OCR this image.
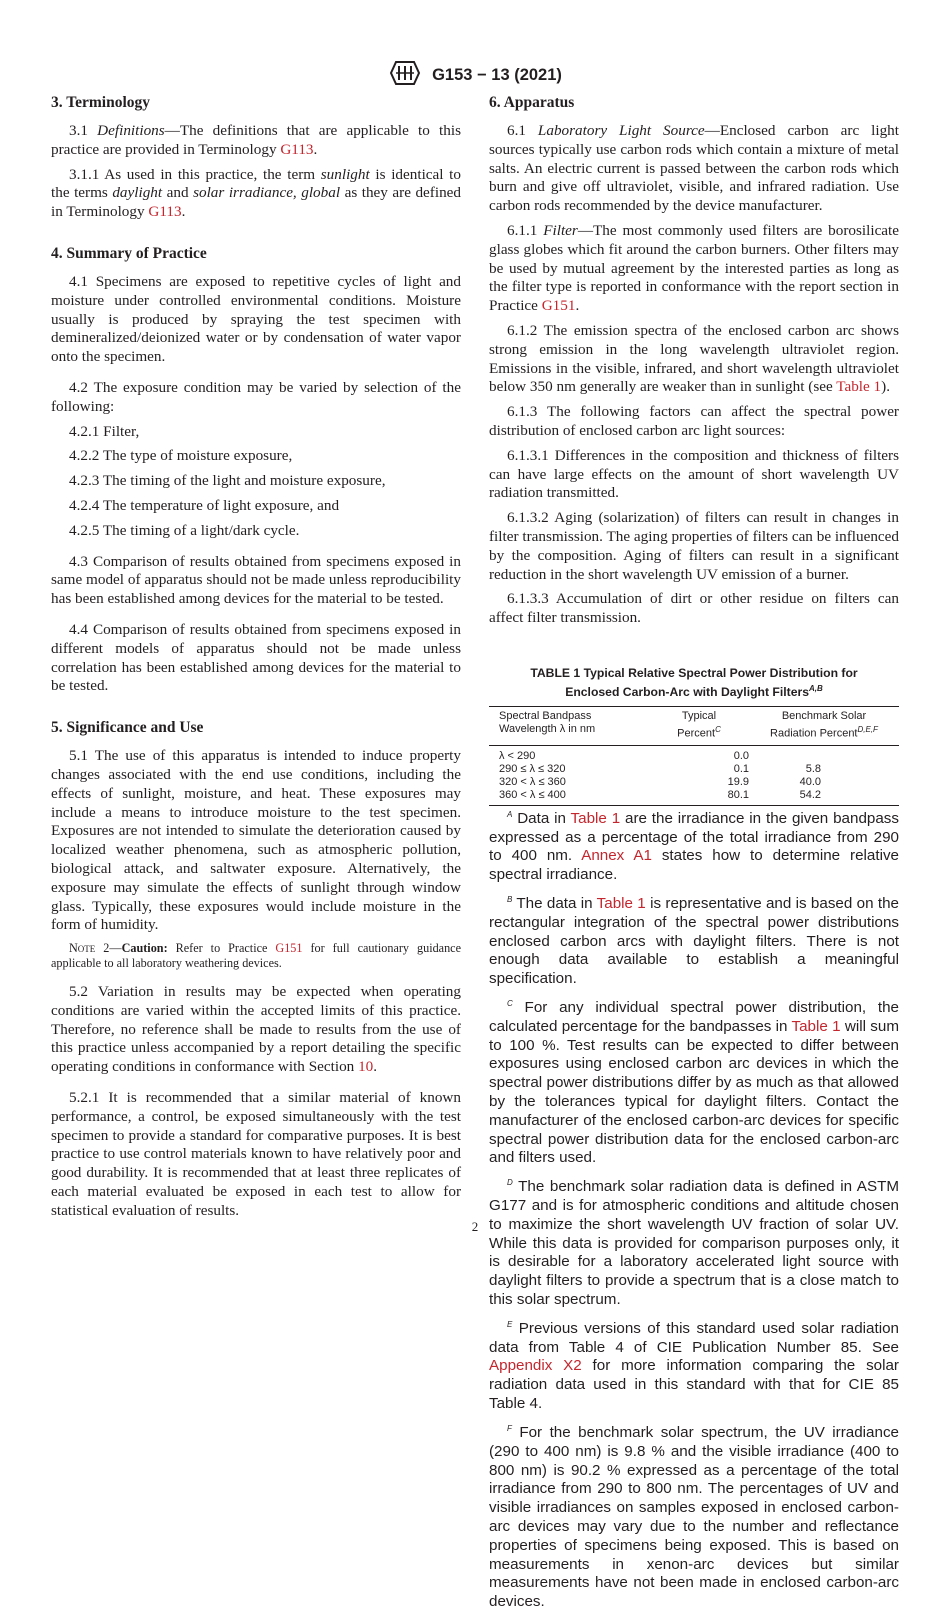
G153 − 13 (2021)
3. Terminology

3.1 Definitions—The definitions that are applicable to this practice are provided in Terminology G113.

3.1.1 As used in this practice, the term sunlight is identical to the terms daylight and solar irradiance, global as they are defined in Terminology G113.

4. Summary of Practice

4.1 Specimens are exposed to repetitive cycles of light and moisture under controlled environmental conditions. Moisture usually is produced by spraying the test specimen with demineralized/deionized water or by condensation of water vapor onto the specimen.

4.2 The exposure condition may be varied by selection of the following:

4.2.1 Filter,

4.2.2 The type of moisture exposure,

4.2.3 The timing of the light and moisture exposure,

4.2.4 The temperature of light exposure, and

4.2.5 The timing of a light/dark cycle.

4.3 Comparison of results obtained from specimens exposed in same model of apparatus should not be made unless reproducibility has been established among devices for the material to be tested.

4.4 Comparison of results obtained from specimens exposed in different models of apparatus should not be made unless correlation has been established among devices for the material to be tested.

5. Significance and Use

5.1 The use of this apparatus is intended to induce property changes associated with the end use conditions, including the effects of sunlight, moisture, and heat. These exposures may include a means to introduce moisture to the test specimen. Exposures are not intended to simulate the deterioration caused by localized weather phenomena, such as atmospheric pollution, biological attack, and saltwater exposure. Alternatively, the exposure may simulate the effects of sunlight through window glass. Typically, these exposures would include moisture in the form of humidity.

Note 2—Caution: Refer to Practice G151 for full cautionary guidance applicable to all laboratory weathering devices.

5.2 Variation in results may be expected when operating conditions are varied within the accepted limits of this practice. Therefore, no reference shall be made to results from the use of this practice unless accompanied by a report detailing the specific operating conditions in conformance with Section 10.

5.2.1 It is recommended that a similar material of known performance, a control, be exposed simultaneously with the test specimen to provide a standard for comparative purposes. It is best practice to use control materials known to have relatively poor and good durability. It is recommended that at least three replicates of each material evaluated be exposed in each test to allow for statistical evaluation of results.

6. Apparatus

6.1 Laboratory Light Source—Enclosed carbon arc light sources typically use carbon rods which contain a mixture of metal salts. An electric current is passed between the carbon rods which burn and give off ultraviolet, visible, and infrared radiation. Use carbon rods recommended by the device manufacturer.

6.1.1 Filter—The most commonly used filters are borosilicate glass globes which fit around the carbon burners. Other filters may be used by mutual agreement by the interested parties as long as the filter type is reported in conformance with the report section in Practice G151.

6.1.2 The emission spectra of the enclosed carbon arc shows strong emission in the long wavelength ultraviolet region. Emissions in the visible, infrared, and short wavelength ultraviolet below 350 nm generally are weaker than in sunlight (see Table 1).

6.1.3 The following factors can affect the spectral power distribution of enclosed carbon arc light sources:

6.1.3.1 Differences in the composition and thickness of filters can have large effects on the amount of short wavelength UV radiation transmitted.

6.1.3.2 Aging (solarization) of filters can result in changes in filter transmission. The aging properties of filters can be influenced by the composition. Aging of filters can result in a significant reduction in the short wavelength UV emission of a burner.

6.1.3.3 Accumulation of dirt or other residue on filters can affect filter transmission.

TABLE 1 Typical Relative Spectral Power Distribution for
Enclosed Carbon-Arc with Daylight Filters$^{A,B}$
Spectral Bandpass
Wavelength λ in nm	Typical
Percent$^C$	Benchmark Solar
Radiation Percent$^{D,E,F}$
λ < 290	0.0	
290 ≤ λ ≤ 320	0.1	5.8
320 < λ ≤ 360	19.9	40.0
360 < λ ≤ 400	80.1	54.2

$^A$ Data in Table 1 are the irradiance in the given bandpass expressed as a percentage of the total irradiance from 290 to 400 nm. Annex A1 states how to determine relative spectral irradiance.

$^B$ The data in Table 1 is representative and is based on the rectangular integration of the spectral power distributions enclosed carbon arcs with daylight filters. There is not enough data available to establish a meaningful specification.

$^C$ For any individual spectral power distribution, the calculated percentage for the bandpasses in Table 1 will sum to 100 %. Test results can be expected to differ between exposures using enclosed carbon arc devices in which the spectral power distributions differ by as much as that allowed by the tolerances typical for daylight filters. Contact the manufacturer of the enclosed carbon-arc devices for specific spectral power distribution data for the enclosed carbon-arc and filters used.

$^D$ The benchmark solar radiation data is defined in ASTM G177 and is for atmospheric conditions and altitude chosen to maximize the short wavelength UV fraction of solar UV. While this data is provided for comparison purposes only, it is desirable for a laboratory accelerated light source with daylight filters to provide a spectrum that is a close match to this solar spectrum.

$^E$ Previous versions of this standard used solar radiation data from Table 4 of CIE Publication Number 85. See Appendix X2 for more information comparing the solar radiation data used in this standard with that for CIE 85 Table 4.

$^F$ For the benchmark solar spectrum, the UV irradiance (290 to 400 nm) is 9.8 % and the visible irradiance (400 to 800 nm) is 90.2 % expressed as a percentage of the total irradiance from 290 to 800 nm. The percentages of UV and visible irradiances on samples exposed in enclosed carbon-arc devices may vary due to the number and reflectance properties of specimens being exposed. This is based on measurements in xenon-arc devices but similar measurements have not been made in enclosed carbon-arc devices.

2
